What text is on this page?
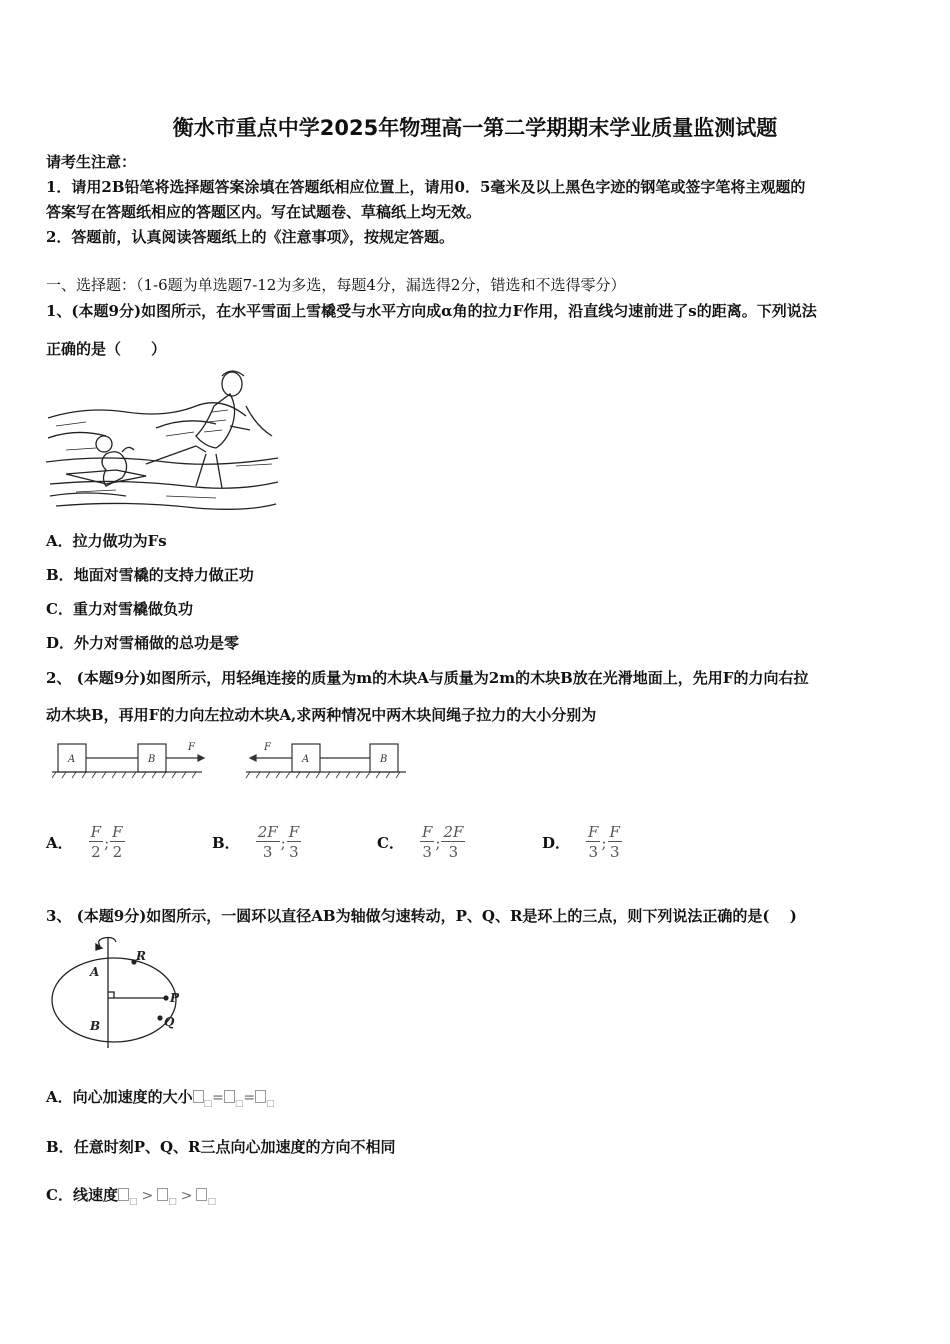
衡水市重点中学2025年物理高一第二学期期末学业质量监测试题
请考生注意：
1．请用2B铅笔将选择题答案涂填在答题纸相应位置上，请用0．5毫米及以上黑色字迹的钢笔或签字笔将主观题的
答案写在答题纸相应的答题区内。写在试题卷、草稿纸上均无效。
2．答题前，认真阅读答题纸上的《注意事项》，按规定答题。
一、选择题：（1-6题为单选题7-12为多选，每题4分，漏选得2分，错选和不选得零分）
1、(本题9分)如图所示，在水平雪面上雪橇受与水平方向成α角的拉力F作用，沿直线匀速前进了s的距离。下列说法
正确的是（　　）
A．拉力做功为Fs
B．地面对雪橇的支持力做正功
C．重力对雪橇做负功
D．外力对雪桶做的总功是零
2、 (本题9分)如图所示，用轻绳连接的质量为m的木块A与质量为2m的木块B放在光滑地面上，先用F的力向右拉
动木块B，再用F的力向左拉动木块A,求两种情况中两木块间绳子拉力的大小分别为
A	B
F
A	B
F
A． $\frac{F}{2}$ ; $\frac{F}{2}$	B． $\frac{2F}{3}$ ; $\frac{F}{3}$	C． $\frac{F}{3}$ ; $\frac{2F}{3}$	D． $\frac{F}{3}$ ; $\frac{F}{3}$
3、 (本题9分)如图所示，一圆环以直径AB为轴做匀速转动，P、Q、R是环上的三点，则下列说法正确的是(　 )
A
B
P
Q
R
A．向心加速度的大小 $_□$= $_□$= $_□$
B．任意时刻P、Q、R三点向心加速度的方向不相同
C．线速度 $_□$ > $_□$ > $_□$
